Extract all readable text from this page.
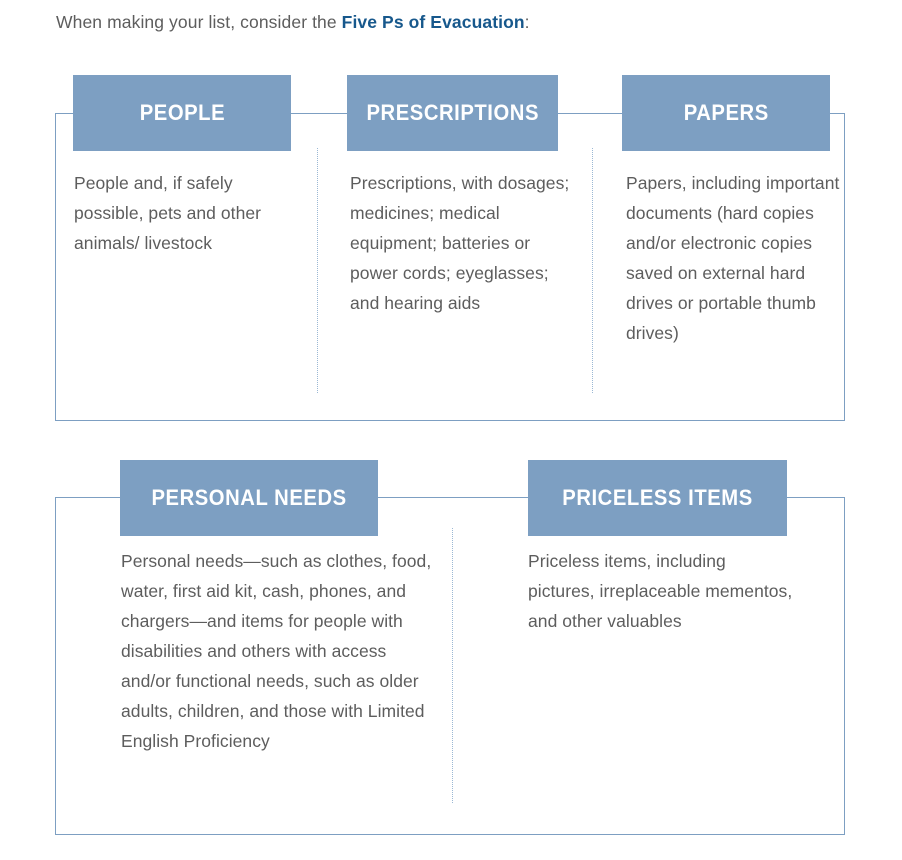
When making your list, consider the Five Ps of Evacuation:
PEOPLE
People and, if safely possible, pets and other animals/ livestock
PRESCRIPTIONS
Prescriptions, with dosages; medicines; medical equipment; batteries or power cords; eyeglasses; and hearing aids
PAPERS
Papers, including important documents (hard copies and/or electronic copies saved on external hard drives or portable thumb drives)
PERSONAL NEEDS
Personal needs—such as clothes, food, water, first aid kit, cash, phones, and chargers—and items for people with disabilities and others with access and/or functional needs, such as older adults, children, and those with Limited English Proficiency
PRICELESS ITEMS
Priceless items, including pictures, irreplaceable mementos, and other valuables
